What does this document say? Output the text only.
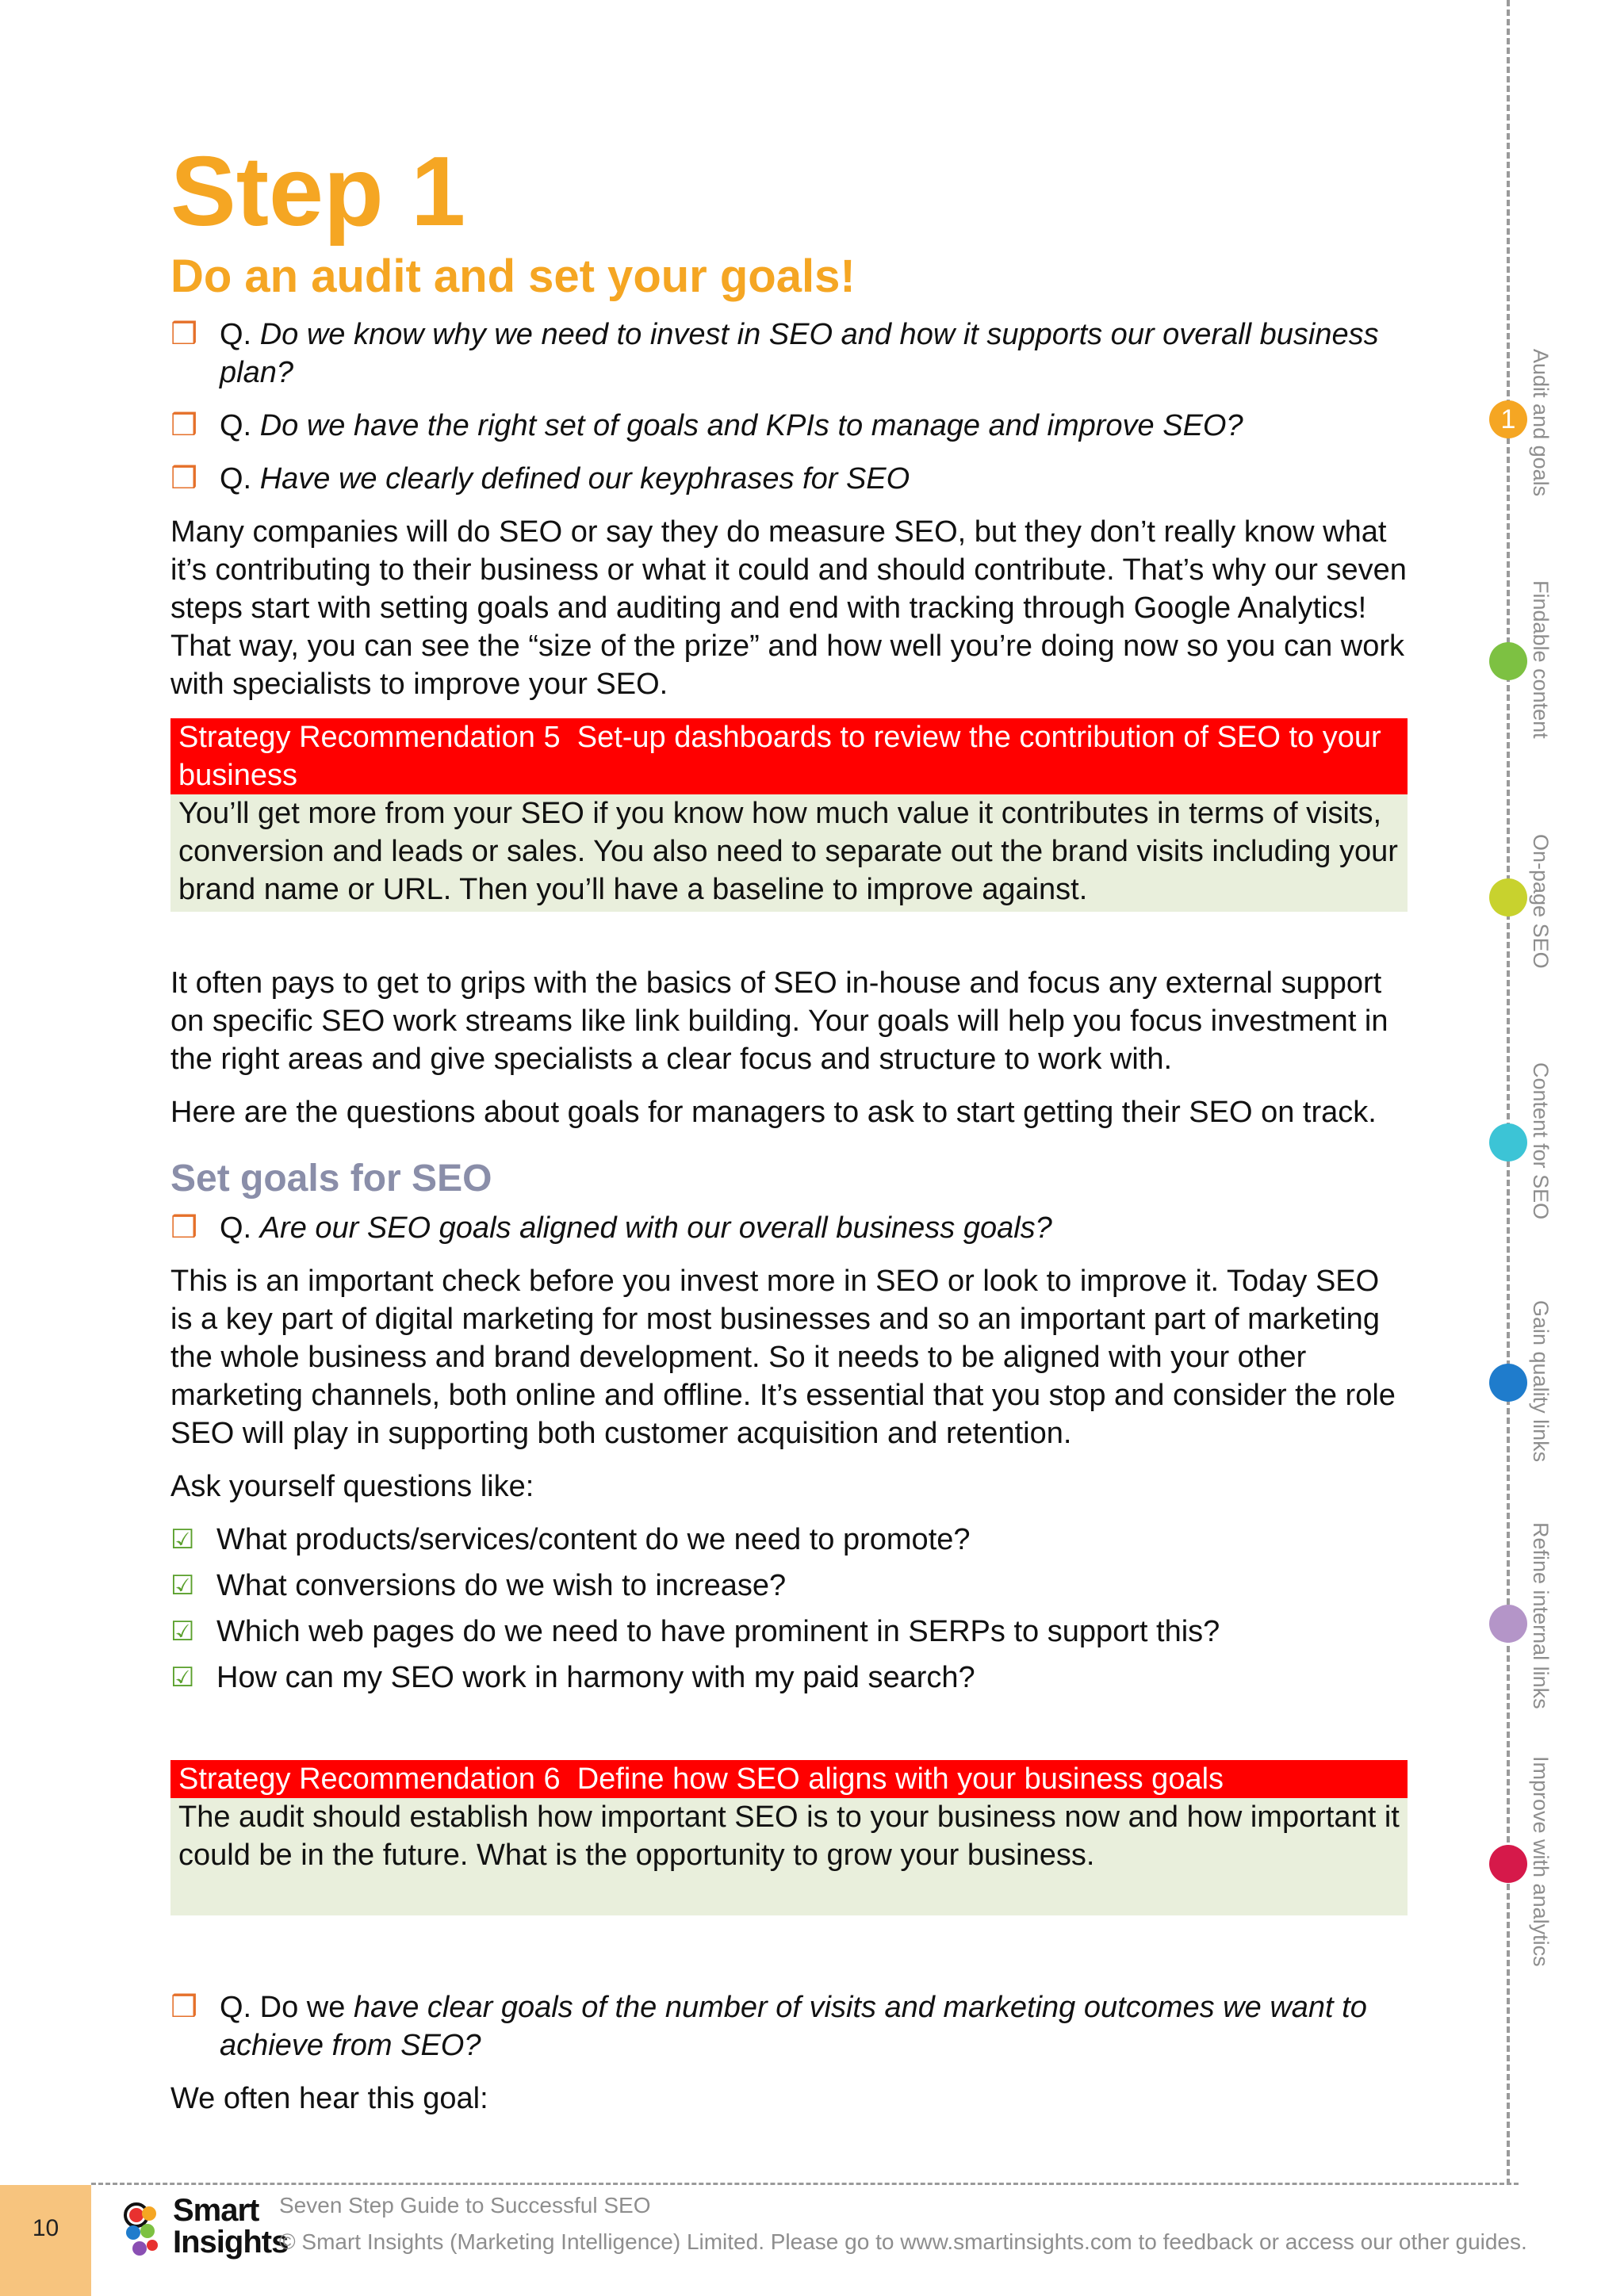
Step 1
Do an audit and set your goals!
❒ Q. Do we know why we need to invest in SEO and how it supports our overall business plan?
❒ Q. Do we have the right set of goals and KPIs to manage and improve SEO?
❒ Q. Have we clearly defined our keyphrases for SEO

Many companies will do SEO or say they do measure SEO, but they don’t really know what it’s contributing to their business or what it could and should contribute. That’s why our seven steps start with setting goals and auditing and end with tracking through Google Analytics! That way, you can see the “size of the prize” and how well you’re doing now so you can work with specialists to improve your SEO.

Strategy Recommendation 5 Set-up dashboards to review the contribution of SEO to your business
You’ll get more from your SEO if you know how much value it contributes in terms of visits, conversion and leads or sales. You also need to separate out the brand visits including your brand name or URL. Then you’ll have a baseline to improve against.

It often pays to get to grips with the basics of SEO in-house and focus any external support on specific SEO work streams like link building. Your goals will help you focus investment in the right areas and give specialists a clear focus and structure to work with.

Here are the questions about goals for managers to ask to start getting their SEO on track.

Set goals for SEO
❒ Q. Are our SEO goals aligned with our overall business goals?

This is an important check before you invest more in SEO or look to improve it. Today SEO is a key part of digital marketing for most businesses and so an important part of marketing the whole business and brand development. So it needs to be aligned with your other marketing channels, both online and offline. It’s essential that you stop and consider the role SEO will play in supporting both customer acquisition and retention.

Ask yourself questions like:

☑ What products/services/content do we need to promote?
☑ What conversions do we wish to increase?
☑ Which web pages do we need to have prominent in SERPs to support this?
☑ How can my SEO work in harmony with my paid search?
Strategy Recommendation 6 Define how SEO aligns with your business goals
The audit should establish how important SEO is to your business now and how important it could be in the future. What is the opportunity to grow your business.
❒ Q. Do we have clear goals of the number of visits and marketing outcomes we want to achieve from SEO?

We often hear this goal:

1 Audit and goals
Findable content
On-page SEO
Content for SEO
Gain quality links
Refine internal links
Improve with analytics
10
Smart
Insights
Seven Step Guide to Successful SEO
© Smart Insights (Marketing Intelligence) Limited. Please go to www.smartinsights.com to feedback or access our other guides.
